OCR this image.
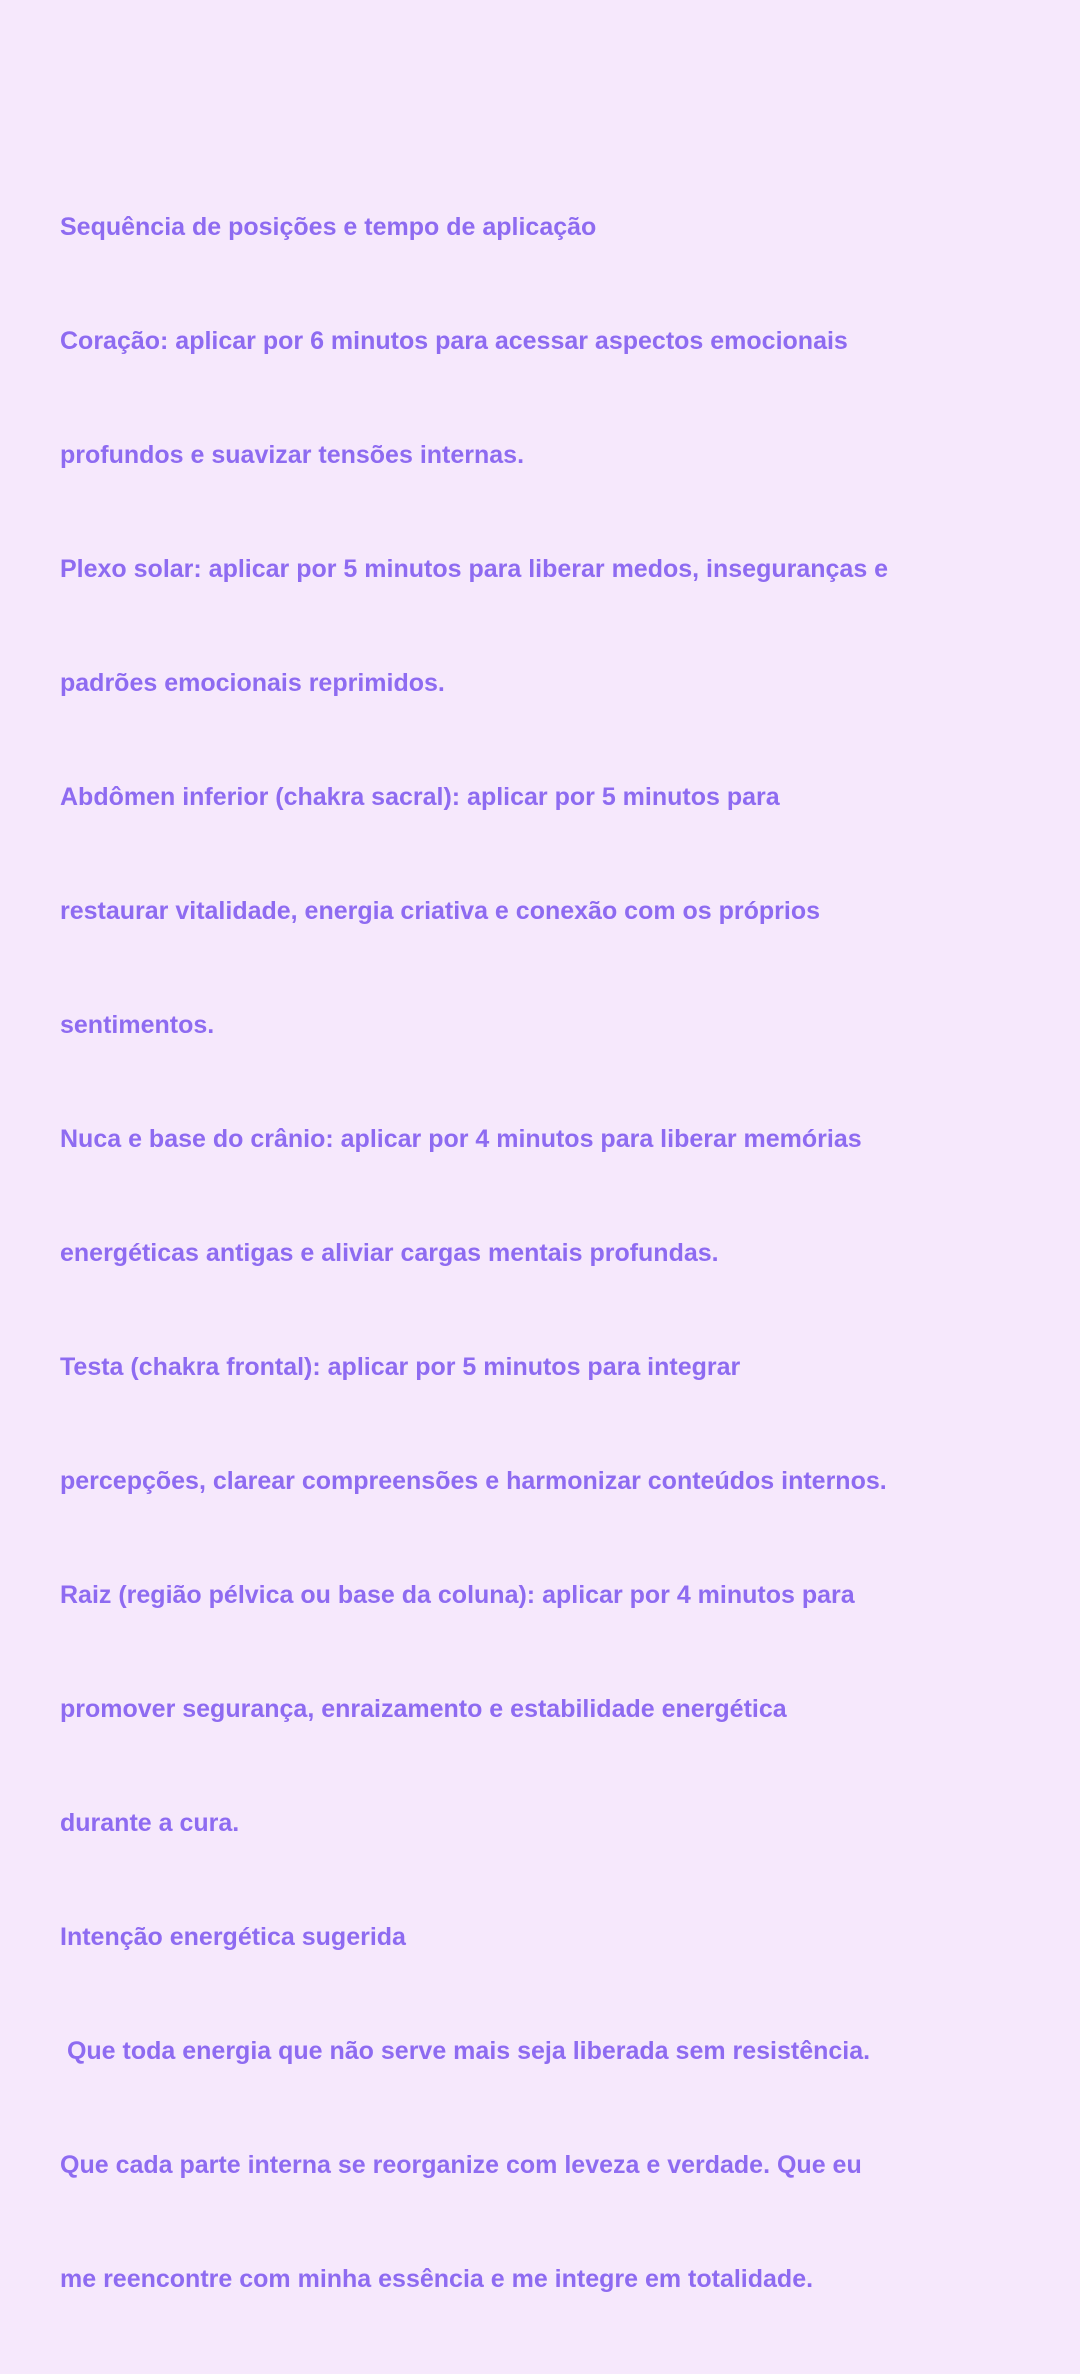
Sequência de posições e tempo de aplicação

Coração: aplicar por 6 minutos para acessar aspectos emocionais

profundos e suavizar tensões internas.

Plexo solar: aplicar por 5 minutos para liberar medos, inseguranças e

padrões emocionais reprimidos.

Abdômen inferior (chakra sacral): aplicar por 5 minutos para

restaurar vitalidade, energia criativa e conexão com os próprios

sentimentos.

Nuca e base do crânio: aplicar por 4 minutos para liberar memórias

energéticas antigas e aliviar cargas mentais profundas.

Testa (chakra frontal): aplicar por 5 minutos para integrar

percepções, clarear compreensões e harmonizar conteúdos internos.

Raiz (região pélvica ou base da coluna): aplicar por 4 minutos para

promover segurança, enraizamento e estabilidade energética

durante a cura.

Intenção energética sugerida

Que toda energia que não serve mais seja liberada sem resistência.

Que cada parte interna se reorganize com leveza e verdade. Que eu

me reencontre com minha essência e me integre em totalidade.
